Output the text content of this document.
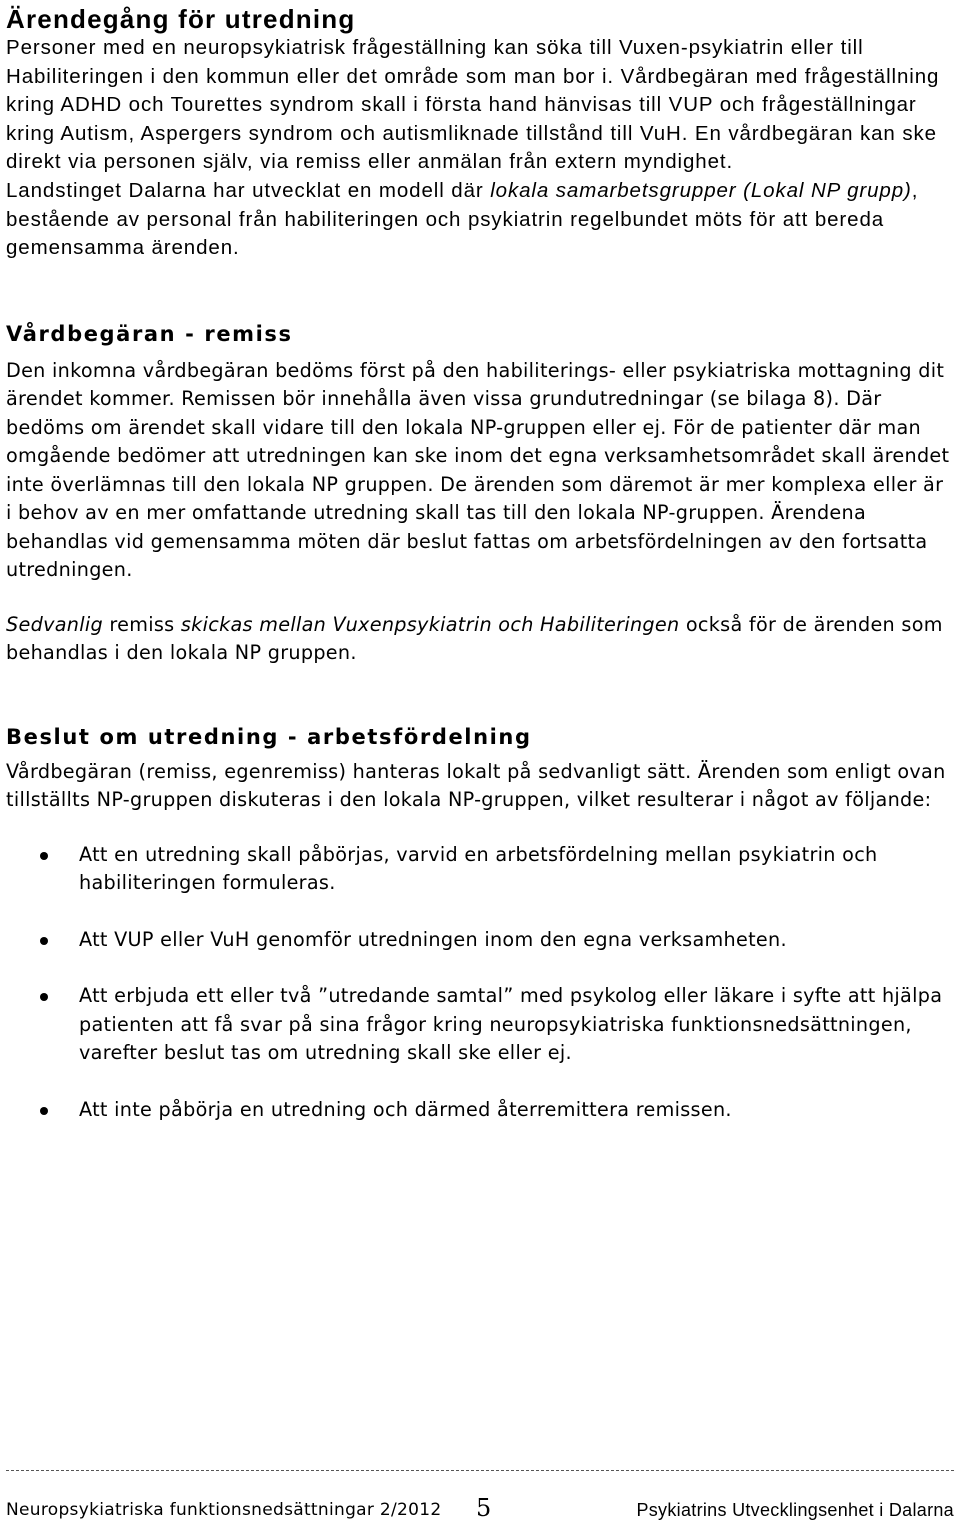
Ärendegång för utredning

Personer med en neuropsykiatrisk frågeställning kan söka till Vuxen-psykiatrin eller till Habiliteringen i den kommun eller det område som man bor i. Vårdbegäran med frågeställning kring ADHD och Tourettes syndrom skall i första hand hänvisas till VUP och frågeställningar kring Autism, Aspergers syndrom och autismliknade tillstånd till VuH. En vårdbegäran kan ske direkt via personen själv, via remiss eller anmälan från extern myndighet.

Landstinget Dalarna har utvecklat en modell där lokala samarbetsgrupper (Lokal NP grupp), bestående av personal från habiliteringen och psykiatrin regelbundet möts för att bereda gemensamma ärenden.

Vårdbegäran - remiss

Den inkomna vårdbegäran bedöms först på den habiliterings- eller psykiatriska mottagning dit ärendet kommer. Remissen bör innehålla även vissa grundutredningar (se bilaga 8). Där bedöms om ärendet skall vidare till den lokala NP-gruppen eller ej. För de patienter där man omgående bedömer att utredningen kan ske inom det egna verksamhetsområdet skall ärendet inte överlämnas till den lokala NP gruppen. De ärenden som däremot är mer komplexa eller är i behov av en mer omfattande utredning skall tas till den lokala NP-gruppen. Ärendena behandlas vid gemensamma möten där beslut fattas om arbetsfördelningen av den fortsatta utredningen.

Sedvanlig remiss skickas mellan Vuxenpsykiatrin och Habiliteringen också för de ärenden som behandlas i den lokala NP gruppen.

Beslut om utredning - arbetsfördelning

Vårdbegäran (remiss, egenremiss) hanteras lokalt på sedvanligt sätt. Ärenden som enligt ovan tillställts NP-gruppen diskuteras i den lokala NP-gruppen, vilket resulterar i något av följande:

Att en utredning skall påbörjas, varvid en arbetsfördelning mellan psykiatrin och habiliteringen formuleras.
Att VUP eller VuH genomför utredningen inom den egna verksamheten.
Att erbjuda ett eller två ”utredande samtal” med psykolog eller läkare i syfte att hjälpa patienten att få svar på sina frågor kring neuropsykiatriska funktionsnedsättningen, varefter beslut tas om utredning skall ske eller ej.
Att inte påbörja en utredning och därmed återremittera remissen.
Neuropsykiatriska funktionsnedsättningar 2/2012 5	Psykiatrins Utvecklingsenhet i Dalarna
